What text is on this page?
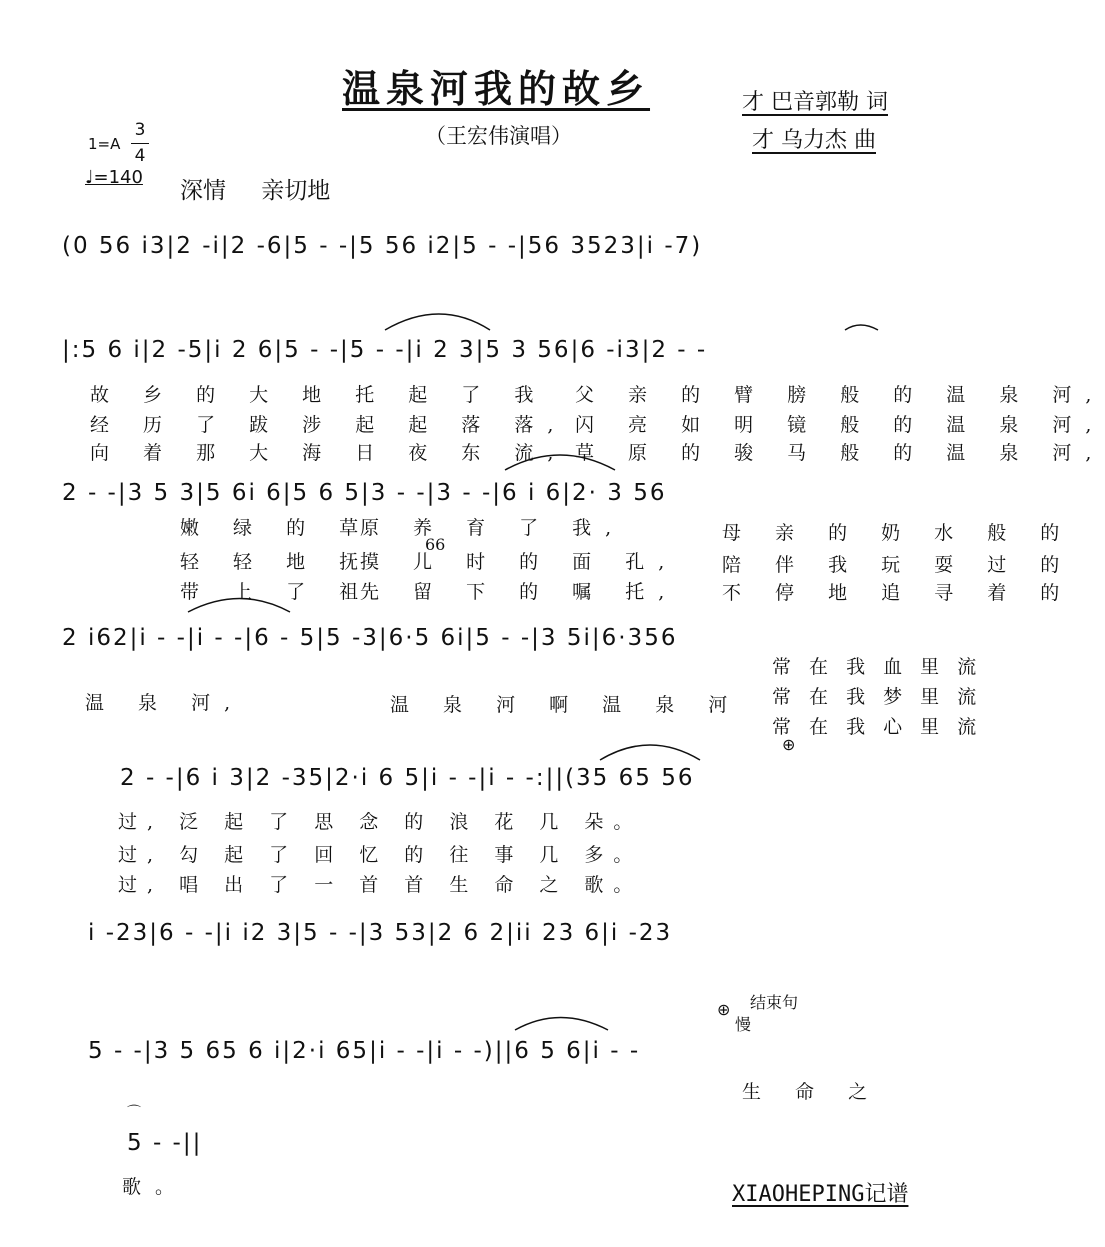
温泉河我的故乡
（王宏伟演唱）
才 巴音郭勒 词
才 乌力杰 曲
1=A
3
4
♩=140
深情 亲切地
(0 56 i3|2 -i|2 -6|5 - -|5 56 i2|5 - -|56 3523|i -7)
|:5 6 i|2 -5|i 2 6|5 - -|5 - -|i 2 3|5 3 56|6 -i3|2 - -
故 乡 的 大 地 托 起 了 我
经 历 了 跋 涉 起 起 落 落,
向 着 那 大 海 日 夜 东 流,
父 亲 的 臂 膀 般 的 温 泉 河,
闪 亮 如 明 镜 般 的 温 泉 河,
草 原 的 骏 马 般 的 温 泉 河,
2 - -|3 5 3|5 6i 6|5 6 5|3 - -|3 - -|6 i 6|2· 3 56
嫩 绿 的 草
轻 轻 地 抚
带 上 了 祖
原 养 育 了 我,
摸 儿 时 的 面 孔,
先 留 下 的 嘱 托,
母 亲 的 奶 水 般 的
陪 伴 我 玩 耍 过 的
不 停 地 追 寻 着 的
66
2 i62|i - -|i - -|6 - 5|5 -3|6·5 6i|5 - -|3 5i|6·356
温 泉 河,	温 泉 河 啊 温 泉 河
常 在 我 血 里 流
常 在 我 梦 里 流
常 在 我 心 里 流
2 - -|6 i 3|2 -35|2·i 6 5|i - -|i - -:||(35 65 56
过, 泛 起 了 思 念 的 浪 花 几 朵。
过, 勾 起 了 回 忆 的 往 事 几 多。
过, 唱 出 了 一 首 首 生 命 之 歌。
i -23|6 - -|i i2 3|5 - -|3 53|2 6 2|ii 23 6|i -23
结束句
慢
⊕
5 - -|3 5 65 6 i|2·i 65|i - -|i - -)||6 5 6|i - -
生 命 之
⌒
5 - -||
歌。
⊕
XIAOHEPING记谱
